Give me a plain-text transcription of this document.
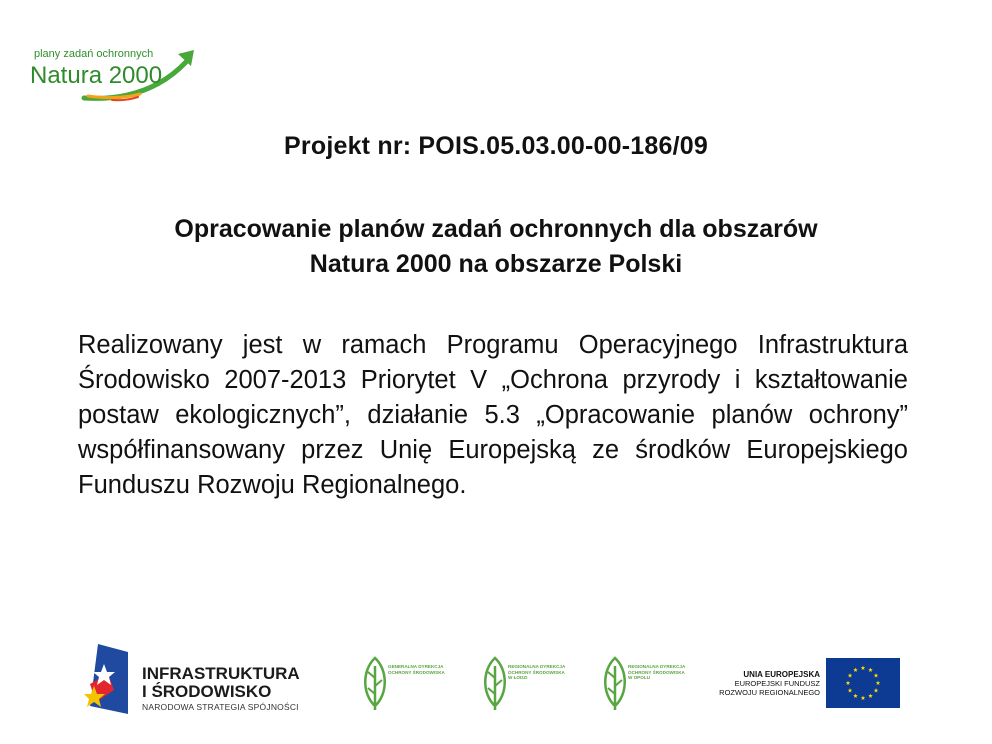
plany zadań ochronnych
Natura 2000
Projekt nr: POIS.05.03.00-00-186/09
Opracowanie planów zadań ochronnych dla obszarów
Natura 2000 na obszarze Polski
Realizowany jest w ramach Programu Operacyjnego Infrastruktura Środowisko 2007-2013 Priorytet V „Ochrona przyrody i kształtowanie postaw ekologicznych”, działanie 5.3 „Opracowanie planów ochrony” współfinansowany przez Unię Europejską ze środków Europejskiego Funduszu Rozwoju Regionalnego.
INFRASTRUKTURA
I ŚRODOWISKO
NARODOWA STRATEGIA SPÓJNOŚCI
GENERALNA DYREKCJA OCHRONY ŚRODOWISKA
REGIONALNA DYREKCJA OCHRONY ŚRODOWISKA W ŁODZI
REGIONALNA DYREKCJA OCHRONY ŚRODOWISKA W OPOLU	UNIA EUROPEJSKA
EUROPEJSKI FUNDUSZ
ROZWOJU REGIONALNEGO
